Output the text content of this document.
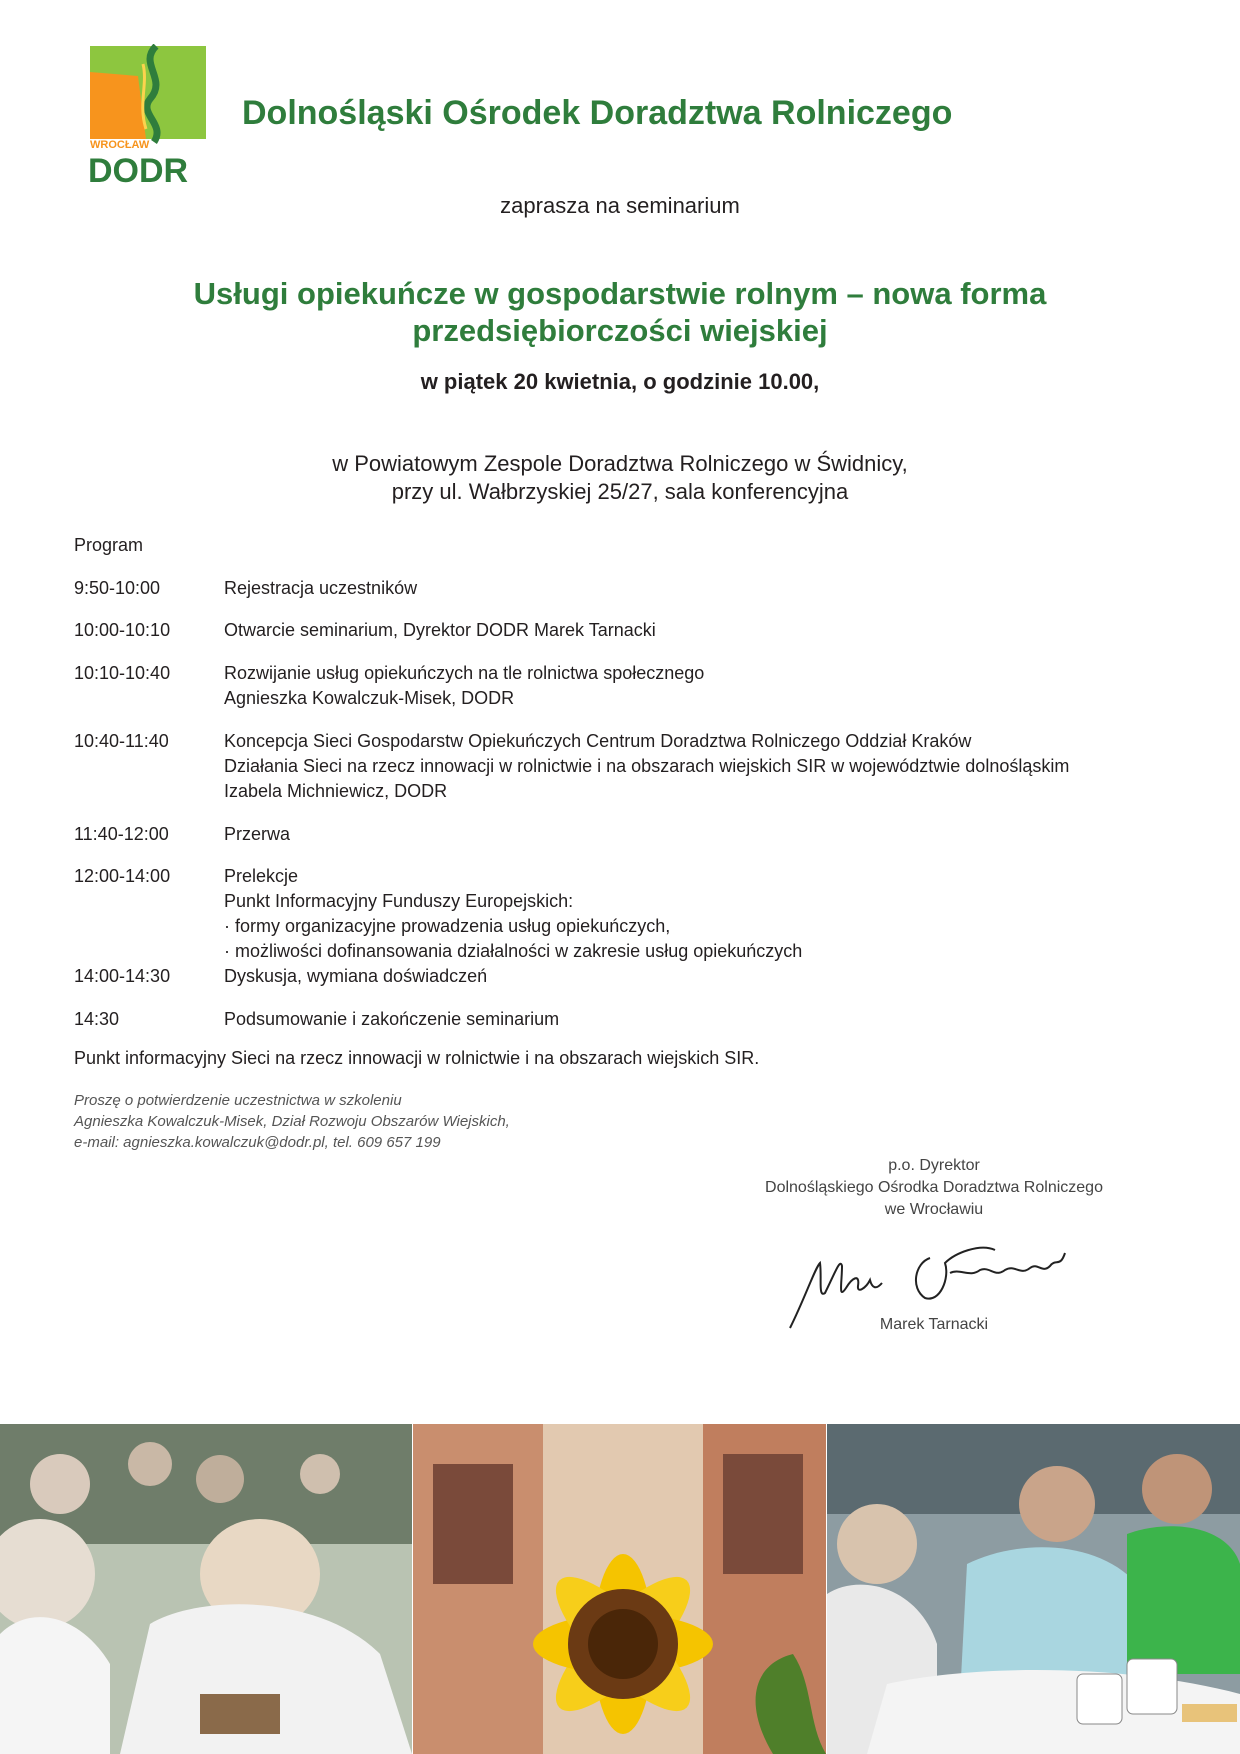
WROCŁAW
DODR
Dolnośląski Ośrodek Doradztwa Rolniczego

zaprasza na seminarium

Usługi opiekuńcze w gospodarstwie rolnym – nowa forma
przedsiębiorczości wiejskiej

w piątek 20 kwietnia, o godzinie 10.00,

w Powiatowym Zespole Doradztwa Rolniczego w Świdnicy,
przy ul. Wałbrzyskiej 25/27, sala konferencyjna

Program

9:50-10:00	Rejestracja uczestników
10:00-10:10	Otwarcie seminarium, Dyrektor DODR Marek Tarnacki
10:10-10:40	Rozwijanie usług opiekuńczych na tle rolnictwa społecznego
Agnieszka Kowalczuk-Misek, DODR
10:40-11:40	Koncepcja Sieci Gospodarstw Opiekuńczych Centrum Doradztwa Rolniczego Oddział Kraków
Działania Sieci na rzecz innowacji w rolnictwie i na obszarach wiejskich SIR w województwie dolnośląskim
Izabela Michniewicz, DODR
11:40-12:00	Przerwa
12:00-14:00	Prelekcje
Punkt Informacyjny Funduszy Europejskich:
· formy organizacyjne prowadzenia usług opiekuńczych,
· możliwości dofinansowania działalności w zakresie usług opiekuńczych
14:00-14:30	Dyskusja, wymiana doświadczeń
14:30	Podsumowanie i zakończenie seminarium

Punkt informacyjny Sieci na rzecz innowacji w rolnictwie i na obszarach wiejskich SIR.

Proszę o potwierdzenie uczestnictwa w szkoleniu
Agnieszka Kowalczuk-Misek, Dział Rozwoju Obszarów Wiejskich,
e-mail: agnieszka.kowalczuk@dodr.pl, tel. 609 657 199
p.o. Dyrektor
Dolnośląskiego Ośrodka Doradztwa Rolniczego
we Wrocławiu
Marek Tarnacki
